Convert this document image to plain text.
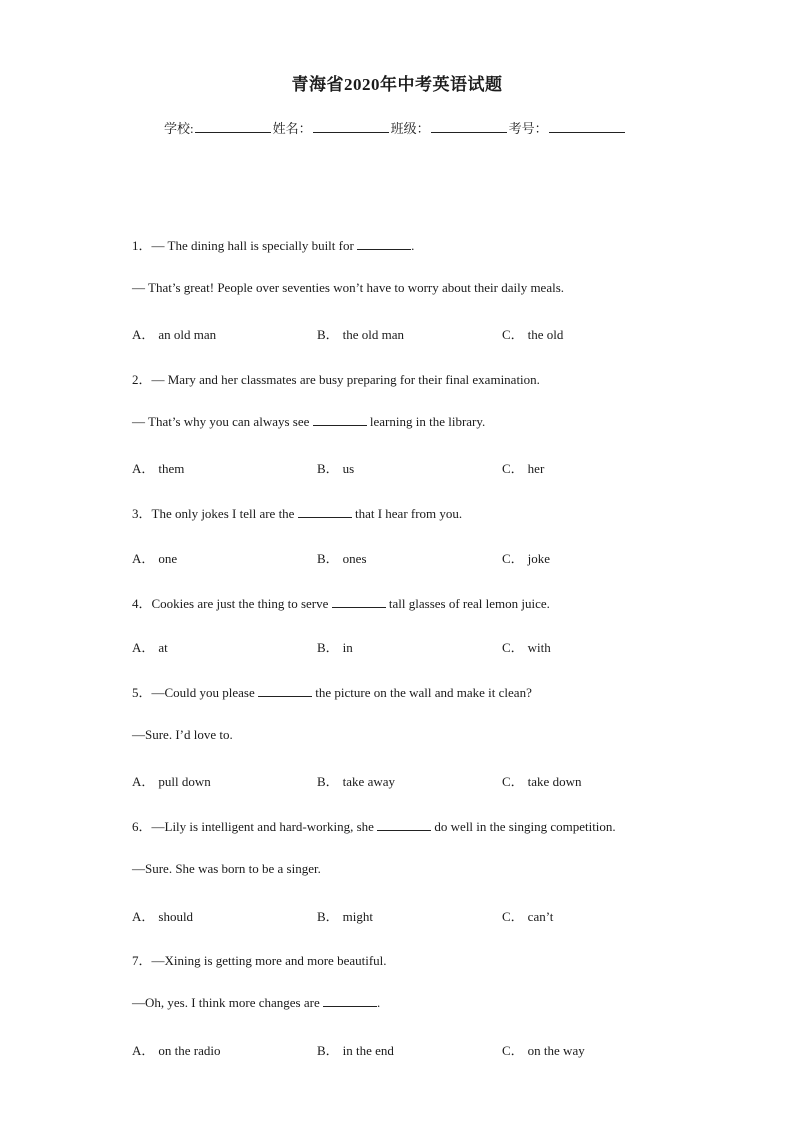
青海省2020年中考英语试题
学校:	姓名：	班级：	考号：
1．— The dining hall is specially built for	.
— That’s great! People over seventies won’t have to worry about their daily meals.
A． an old man	B． the old man	C． the old
2．— Mary and her classmates are busy preparing for their final examination.
— That’s why you can always see	learning in the library.
A． them	B． us	C． her
3．The only jokes I tell are the	that I hear from you.
A． one	B． ones	C． joke
4．Cookies are just the thing to serve	tall glasses of real lemon juice.
A． at	B． in	C． with
5．—Could you please	the picture on the wall and make it clean?
—Sure. I’d love to.
A． pull down	B． take away	C． take down
6．—Lily is intelligent and hard-working, she	do well in the singing competition.
—Sure. She was born to be a singer.
A． should	B． might	C． can’t
7．—Xining is getting more and more beautiful.
—Oh, yes. I think more changes are	.
A． on the radio	B． in the end	C． on the way
